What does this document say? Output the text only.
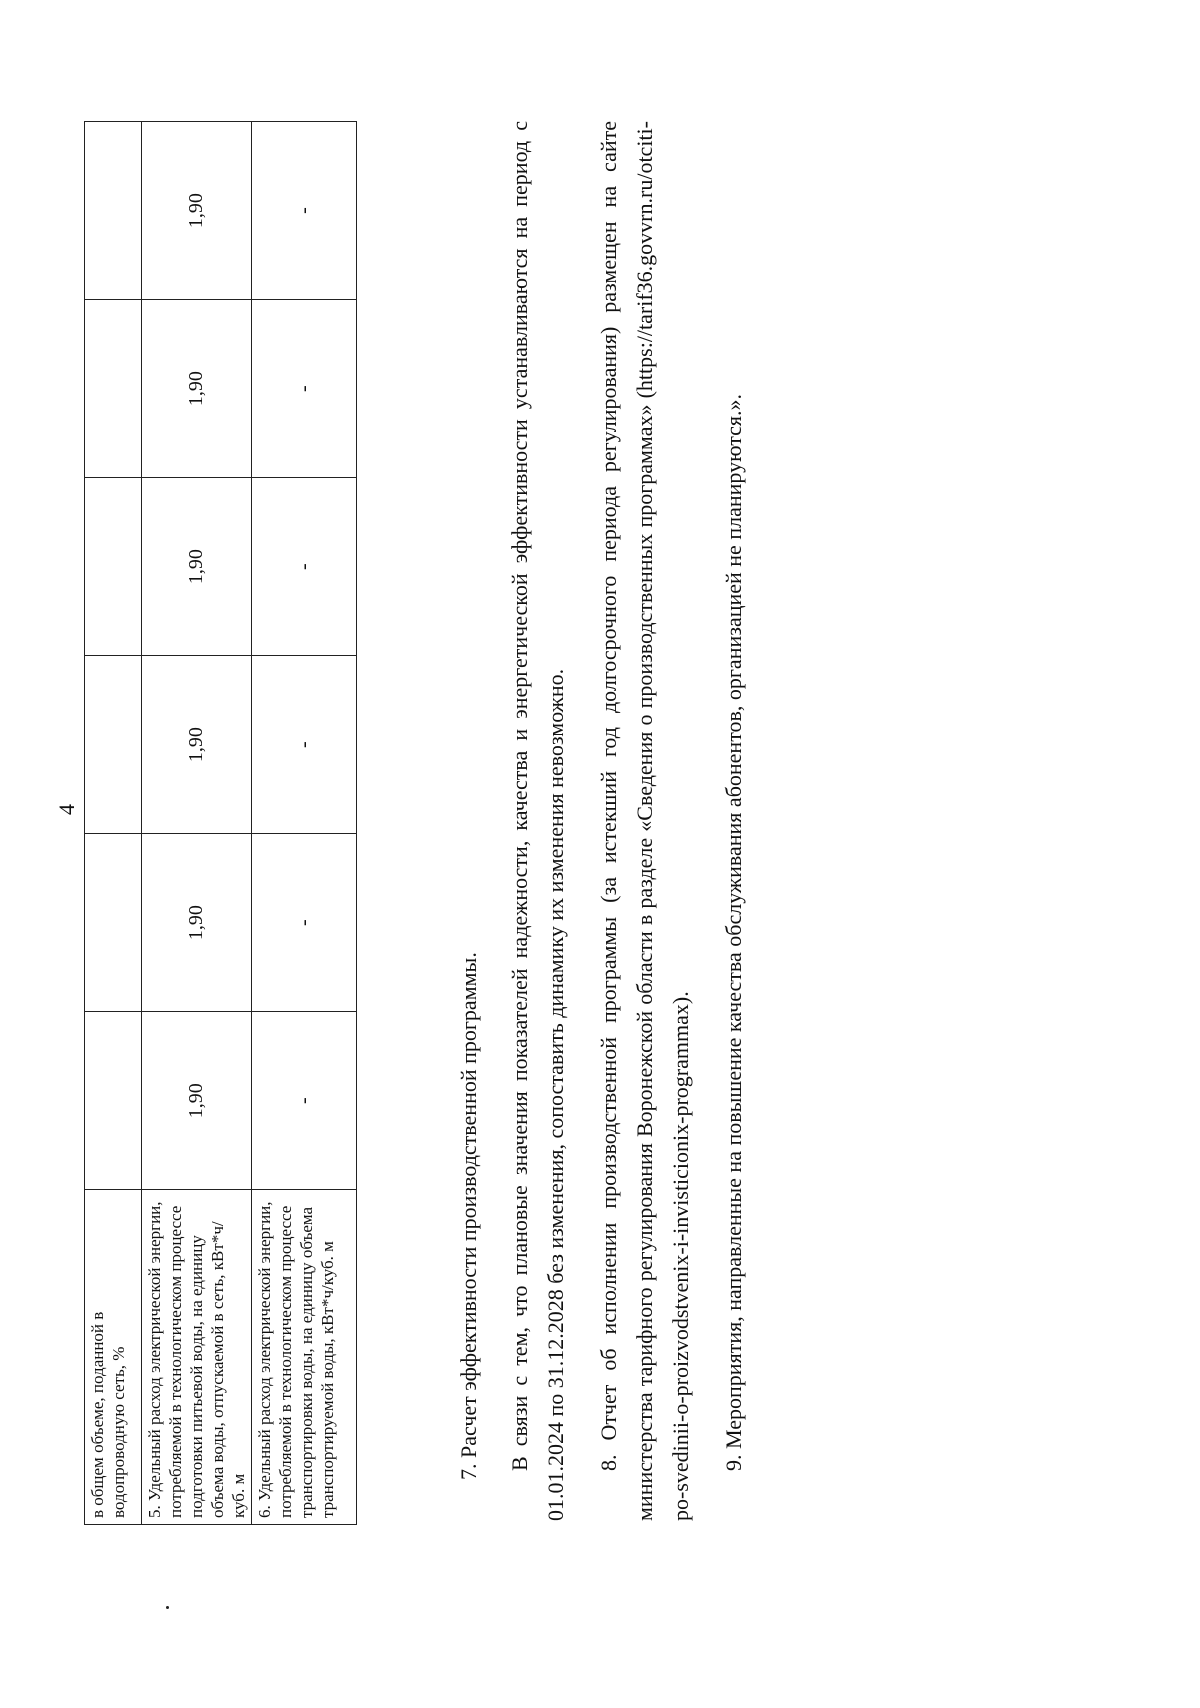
4
в общем объеме, поданной в водопроводную сеть, %						
5. Удельный расход электрической энергии, потребляемой в технологическом процессе подготовки питьевой воды, на единицу объема воды, отпускаемой в сеть, кВт*ч/куб. м	1,90	1,90	1,90	1,90	1,90	1,90
6. Удельный расход электрической энергии, потребляемой в технологическом процессе транспортировки воды, на единицу объема транспортируемой воды, кВт*ч/куб. м	-	-	-	-	-	-
7. Расчет эффективности производственной программы. В связи с тем, что плановые значения показателей надежности, качества и энергетической эффективности устанавливаются на период с 01.01.2024 по 31.12.2028 без изменения, сопоставить динамику их изменения невозможно. 8. Отчет об исполнении производственной программы (за истекший год долгосрочного периода регулирования) размещен на сайте министерства тарифного регулирования Воронежской области в разделе «Сведения о производственных программах» (https://tarif36.govvrn.ru/otciti-po-svedinii-o-proizvodstvenix-i-invisticionix-programmax). 9. Мероприятия, направленные на повышение качества обслуживания абонентов, организацией не планируются.».
